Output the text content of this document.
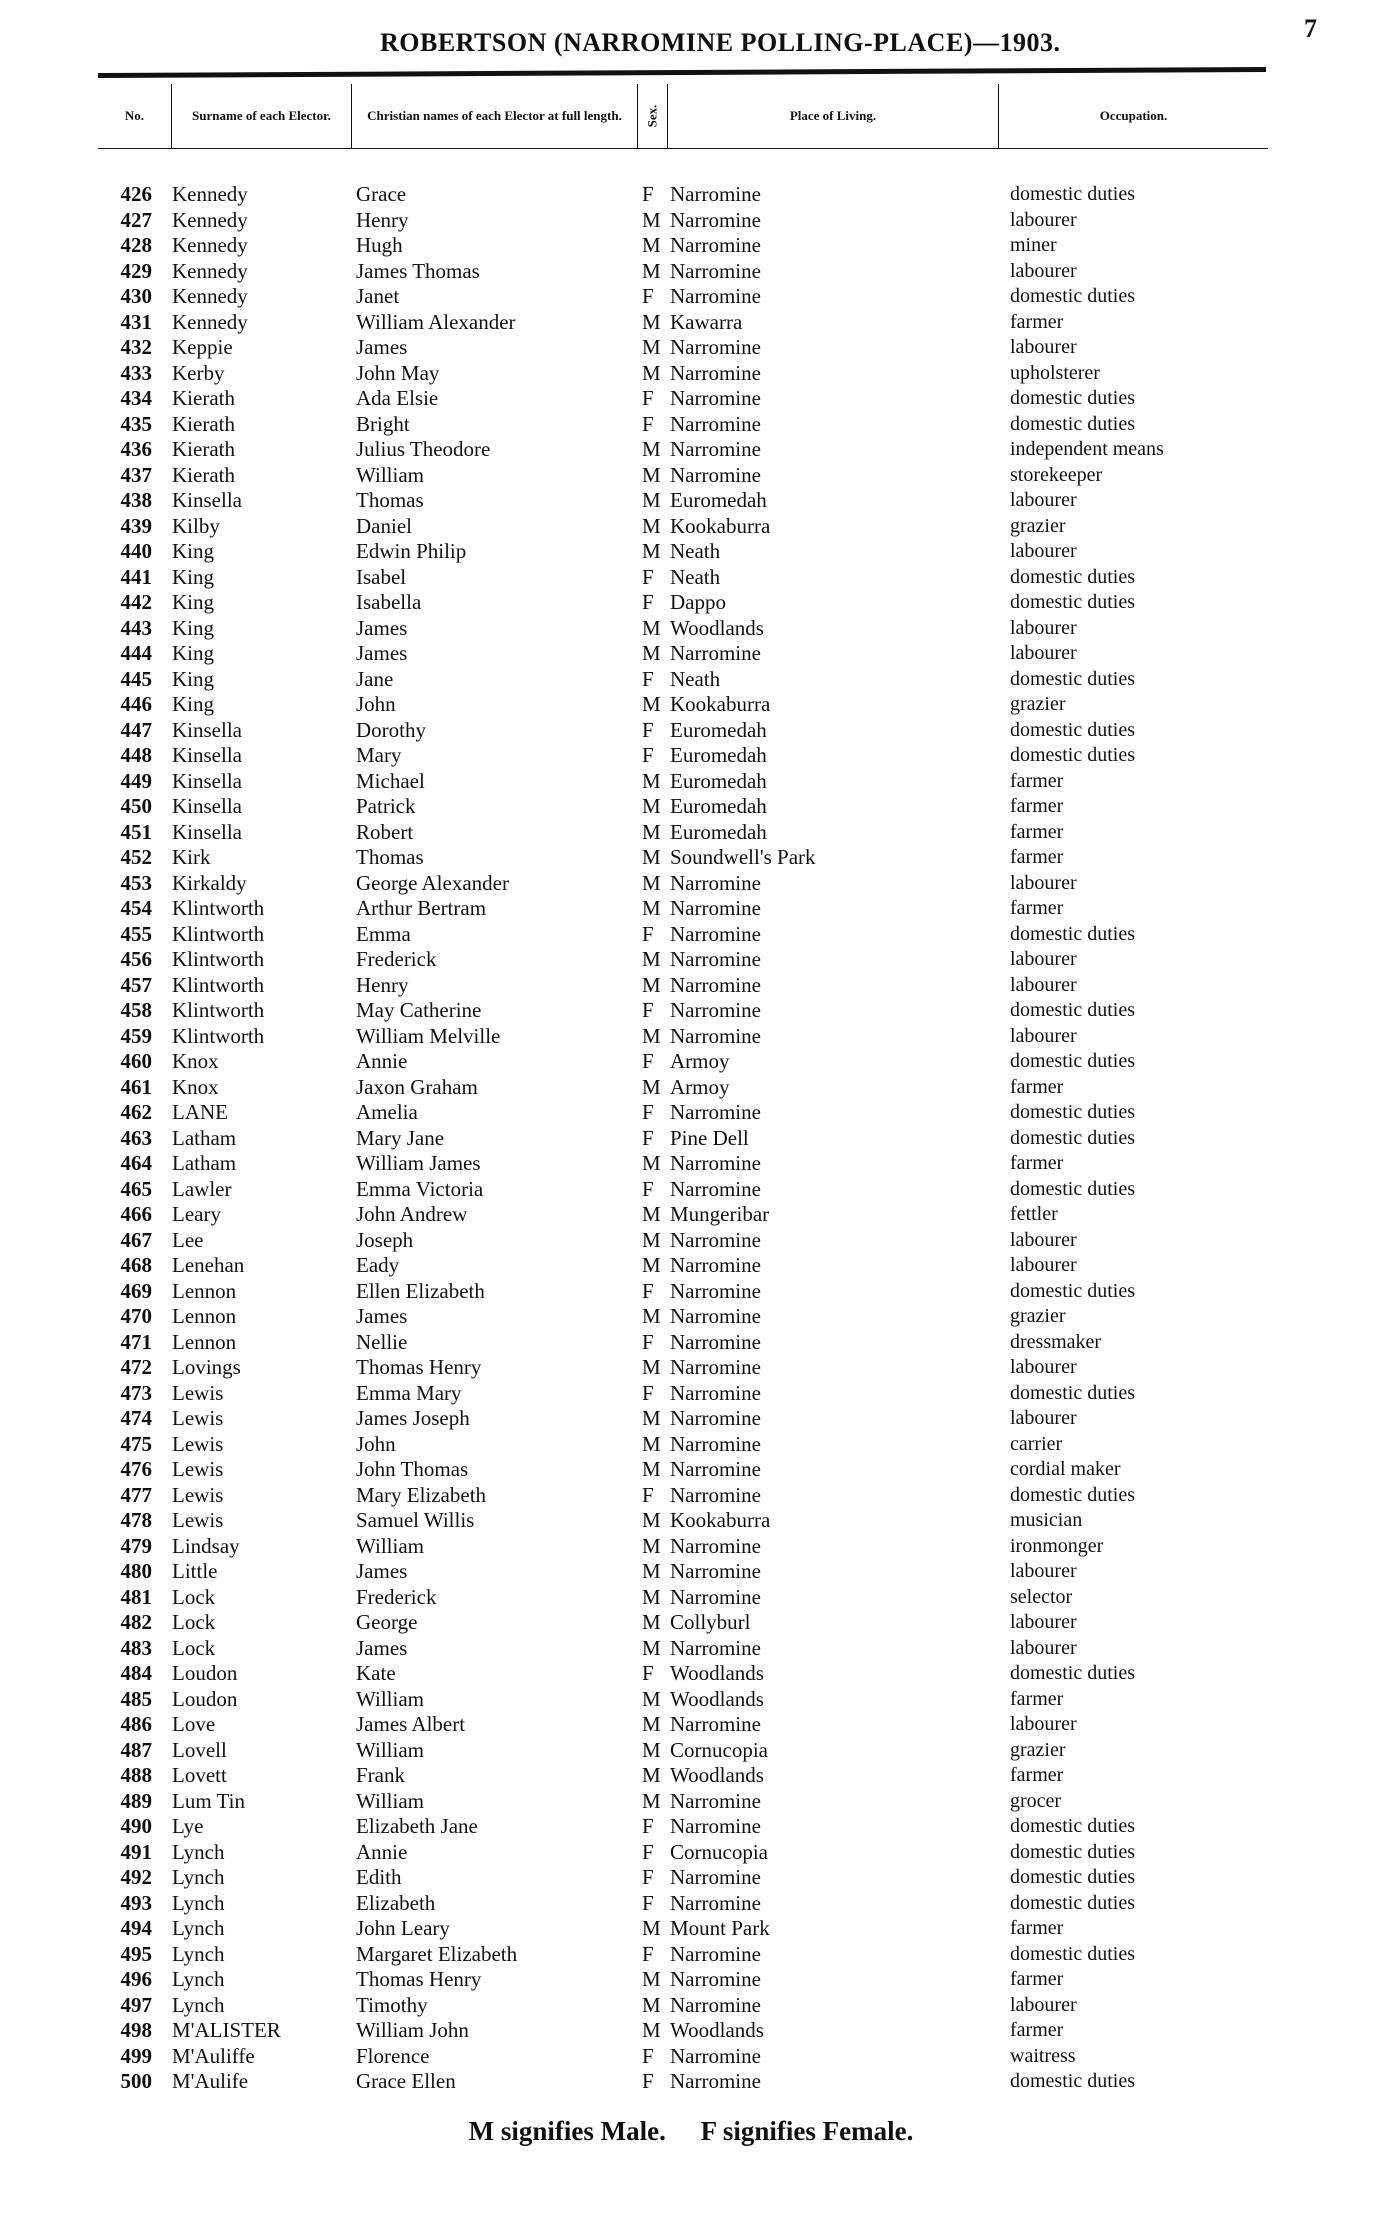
ROBERTSON (NARROMINE POLLING-PLACE)—1903.	7
No.	Surname of each Elector.	Christian names of each Elector at full length.	Sex.	Place of Living.	Occupation.
426 Kennedy	Grace	F Narromine	domestic duties
427 Kennedy	Henry	M Narromine	labourer
428 Kennedy	Hugh	M Narromine	miner
429 Kennedy	James Thomas	M Narromine	labourer
430 Kennedy	Janet	F Narromine	domestic duties
431 Kennedy	William Alexander	M Kawarra	farmer
432 Keppie	James	M Narromine	labourer
433 Kerby	John May	M Narromine	upholsterer
434 Kierath	Ada Elsie	F Narromine	domestic duties
435 Kierath	Bright	F Narromine	domestic duties
436 Kierath	Julius Theodore	M Narromine	independent means
437 Kierath	William	M Narromine	storekeeper
438 Kinsella	Thomas	M Euromedah	labourer
439 Kilby	Daniel	M Kookaburra	grazier
440 King	Edwin Philip	M Neath	labourer
441 King	Isabel	F Neath	domestic duties
442 King	Isabella	F Dappo	domestic duties
443 King	James	M Woodlands	labourer
444 King	James	M Narromine	labourer
445 King	Jane	F Neath	domestic duties
446 King	John	M Kookaburra	grazier
447 Kinsella	Dorothy	F Euromedah	domestic duties
448 Kinsella	Mary	F Euromedah	domestic duties
449 Kinsella	Michael	M Euromedah	farmer
450 Kinsella	Patrick	M Euromedah	farmer
451 Kinsella	Robert	M Euromedah	farmer
452 Kirk	Thomas	M Soundwell's Park	farmer
453 Kirkaldy	George Alexander	M Narromine	labourer
454 Klintworth	Arthur Bertram	M Narromine	farmer
455 Klintworth	Emma	F Narromine	domestic duties
456 Klintworth	Frederick	M Narromine	labourer
457 Klintworth	Henry	M Narromine	labourer
458 Klintworth	May Catherine	F Narromine	domestic duties
459 Klintworth	William Melville	M Narromine	labourer
460 Knox	Annie	F Armoy	domestic duties
461 Knox	Jaxon Graham	M Armoy	farmer
462 LANE	Amelia	F Narromine	domestic duties
463 Latham	Mary Jane	F Pine Dell	domestic duties
464 Latham	William James	M Narromine	farmer
465 Lawler	Emma Victoria	F Narromine	domestic duties
466 Leary	John Andrew	M Mungeribar	fettler
467 Lee	Joseph	M Narromine	labourer
468 Lenehan	Eady	M Narromine	labourer
469 Lennon	Ellen Elizabeth	F Narromine	domestic duties
470 Lennon	James	M Narromine	grazier
471 Lennon	Nellie	F Narromine	dressmaker
472 Lovings	Thomas Henry	M Narromine	labourer
473 Lewis	Emma Mary	F Narromine	domestic duties
474 Lewis	James Joseph	M Narromine	labourer
475 Lewis	John	M Narromine	carrier
476 Lewis	John Thomas	M Narromine	cordial maker
477 Lewis	Mary Elizabeth	F Narromine	domestic duties
478 Lewis	Samuel Willis	M Kookaburra	musician
479 Lindsay	William	M Narromine	ironmonger
480 Little	James	M Narromine	labourer
481 Lock	Frederick	M Narromine	selector
482 Lock	George	M Collyburl	labourer
483 Lock	James	M Narromine	labourer
484 Loudon	Kate	F Woodlands	domestic duties
485 Loudon	William	M Woodlands	farmer
486 Love	James Albert	M Narromine	labourer
487 Lovell	William	M Cornucopia	grazier
488 Lovett	Frank	M Woodlands	farmer
489 Lum Tin	William	M Narromine	grocer
490 Lye	Elizabeth Jane	F Narromine	domestic duties
491 Lynch	Annie	F Cornucopia	domestic duties
492 Lynch	Edith	F Narromine	domestic duties
493 Lynch	Elizabeth	F Narromine	domestic duties
494 Lynch	John Leary	M Mount Park	farmer
495 Lynch	Margaret Elizabeth	F Narromine	domestic duties
496 Lynch	Thomas Henry	M Narromine	farmer
497 Lynch	Timothy	M Narromine	labourer
498 M'ALISTER	William John	M Woodlands	farmer
499 M'Auliffe	Florence	F Narromine	waitress
500 M'Aulife	Grace Ellen	F Narromine	domestic duties
M signifies Male. F signifies Female.
